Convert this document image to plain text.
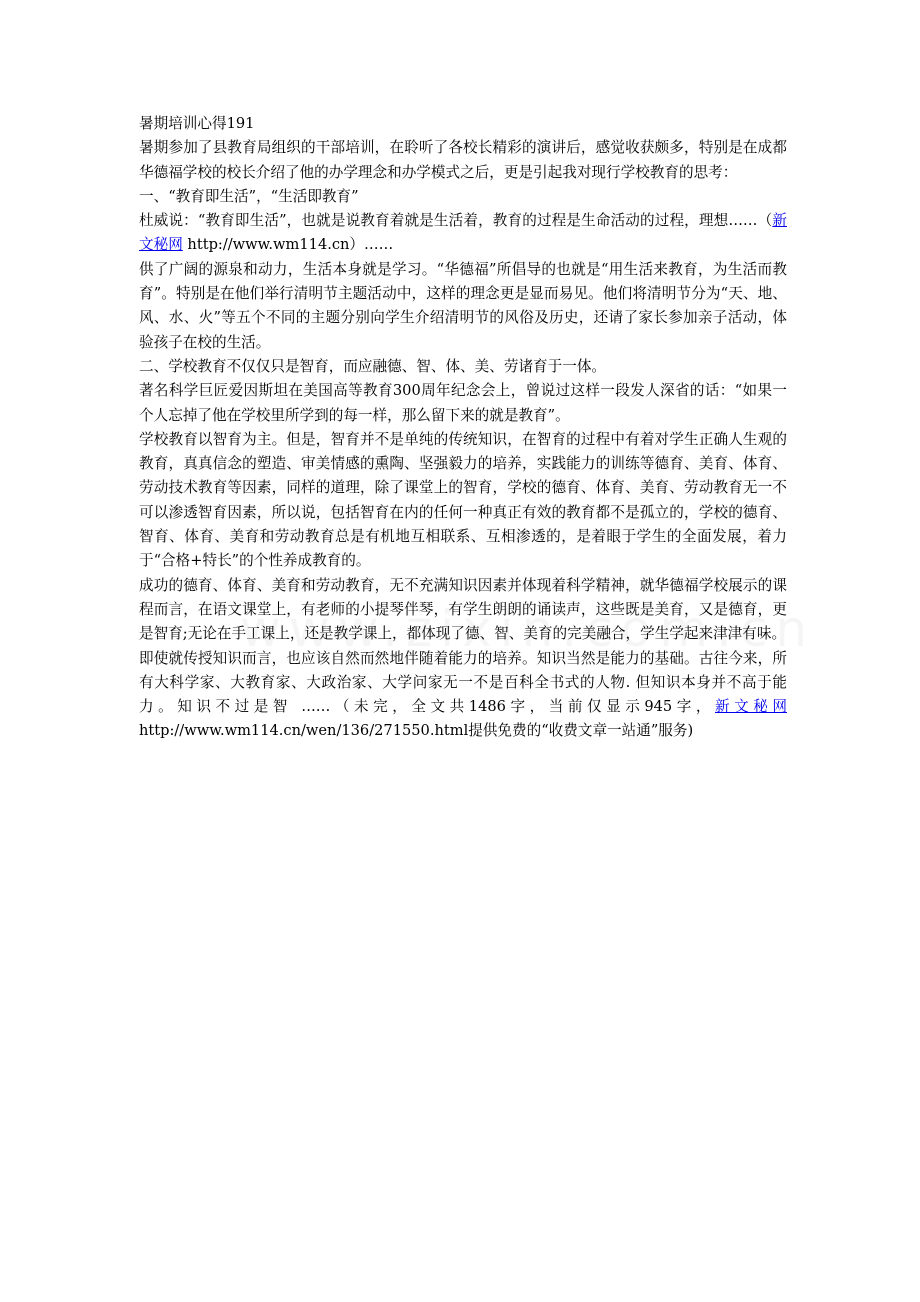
暑期培训心得191

暑期参加了县教育局组织的干部培训，在聆听了各校长精彩的演讲后，感觉收获颇多，特别是在成都华德福学校的校长介绍了他的办学理念和办学模式之后，更是引起我对现行学校教育的思考：

一、“教育即生活”，“生活即教育”

杜威说：“教育即生活”，也就是说教育着就是生活着，教育的过程是生命活动的过程，理想……（新文秘网 http://www.wm114.cn）……

供了广阔的源泉和动力，生活本身就是学习。“华德福”所倡导的也就是“用生活来教育，为生活而教育”。特别是在他们举行清明节主题活动中，这样的理念更是显而易见。他们将清明节分为“天、地、风、水、火”等五个不同的主题分别向学生介绍清明节的风俗及历史，还请了家长参加亲子活动，体验孩子在校的生活。

二、学校教育不仅仅只是智育，而应融德、智、体、美、劳诸育于一体。

著名科学巨匠爱因斯坦在美国高等教育300周年纪念会上，曾说过这样一段发人深省的话：“如果一个人忘掉了他在学校里所学到的每一样，那么留下来的就是教育”。

学校教育以智育为主。但是，智育并不是单纯的传统知识，在智育的过程中有着对学生正确人生观的教育，真真信念的塑造、审美情感的熏陶、坚强毅力的培养，实践能力的训练等德育、美育、体育、劳动技术教育等因素，同样的道理，除了课堂上的智育，学校的德育、体育、美育、劳动教育无一不可以渗透智育因素，所以说，包括智育在内的任何一种真正有效的教育都不是孤立的，学校的德育、智育、体育、美育和劳动教育总是有机地互相联系、互相渗透的，是着眼于学生的全面发展，着力于“合格+特长”的个性养成教育的。

成功的德育、体育、美育和劳动教育，无不充满知识因素并体现着科学精神，就华德福学校展示的课程而言，在语文课堂上，有老师的小提琴伴琴，有学生朗朗的诵读声，这些既是美育，又是德育，更是智育;无论在手工课上，还是教学课上，都体现了德、智、美育的完美融合，学生学起来津津有味。

即使就传授知识而言，也应该自然而然地伴随着能力的培养。知识当然是能力的基础。古往今来，所有大科学家、大教育家、大政治家、大学问家无一不是百科全书式的人物. 但知识本身并不高于能力。知识不过是智 ……（未完，全文共1486字，当前仅显示945字，新文秘网 http://www.wm114.cn/wen/136/271550.html提供免费的“收费文章一站通”服务)
